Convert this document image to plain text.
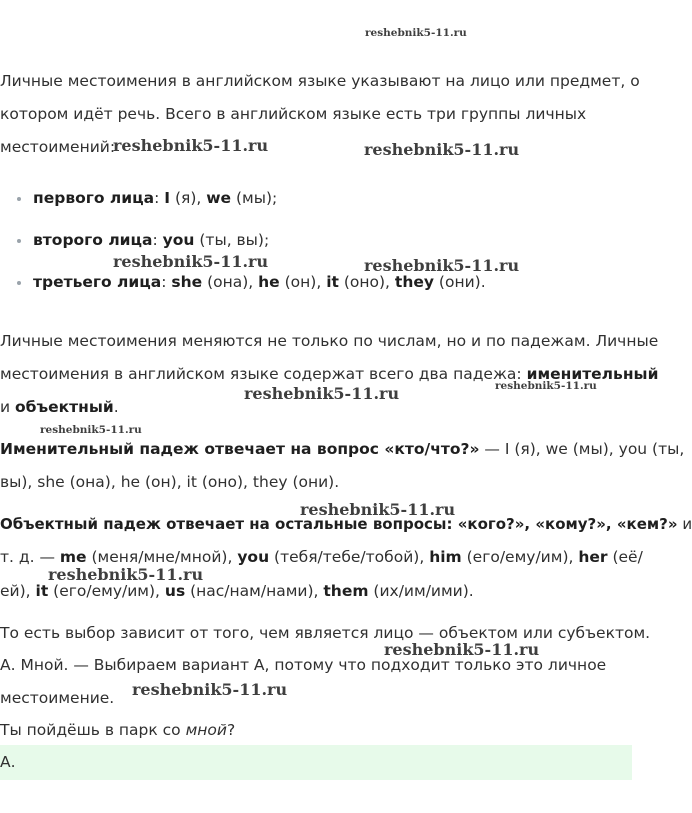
reshebnik5-11.ru
reshebnik5-11.ru	reshebnik5-11.ru
reshebnik5-11.ru	reshebnik5-11.ru
reshebnik5-11.ru	reshebnik5-11.ru
reshebnik5-11.ru
reshebnik5-11.ru
reshebnik5-11.ru
reshebnik5-11.ru
reshebnik5-11.ru
Личные местоимения в английском языке указывают на лицо или предмет, о
котором идёт речь. Всего в английском языке есть три группы личных
местоимений:
первого лица: I (я), we (мы);
второго лица: you (ты, вы);
третьего лица: she (она), he (он), it (оно), they (они).
Личные местоимения меняются не только по числам, но и по падежам. Личные
местоимения в английском языке содержат всего два падежа: именительный
и объектный.
Именительный падеж отвечает на вопрос «кто/что?» — I (я), we (мы), you (ты,
вы), she (она), he (он), it (оно), they (они).
Объектный падеж отвечает на остальные вопросы: «кого?», «кому?», «кем?» и
т. д. — me (меня/мне/мной), you (тебя/тебе/тобой), him (его/ему/им), her (её/
ей), it (его/ему/им), us (нас/нам/нами), them (их/им/ими).
То есть выбор зависит от того, чем является лицо — объектом или субъектом.
А. Мной. — Выбираем вариант А, потому что подходит только это личное
местоимение.
Ты пойдёшь в парк со мной?
А.
